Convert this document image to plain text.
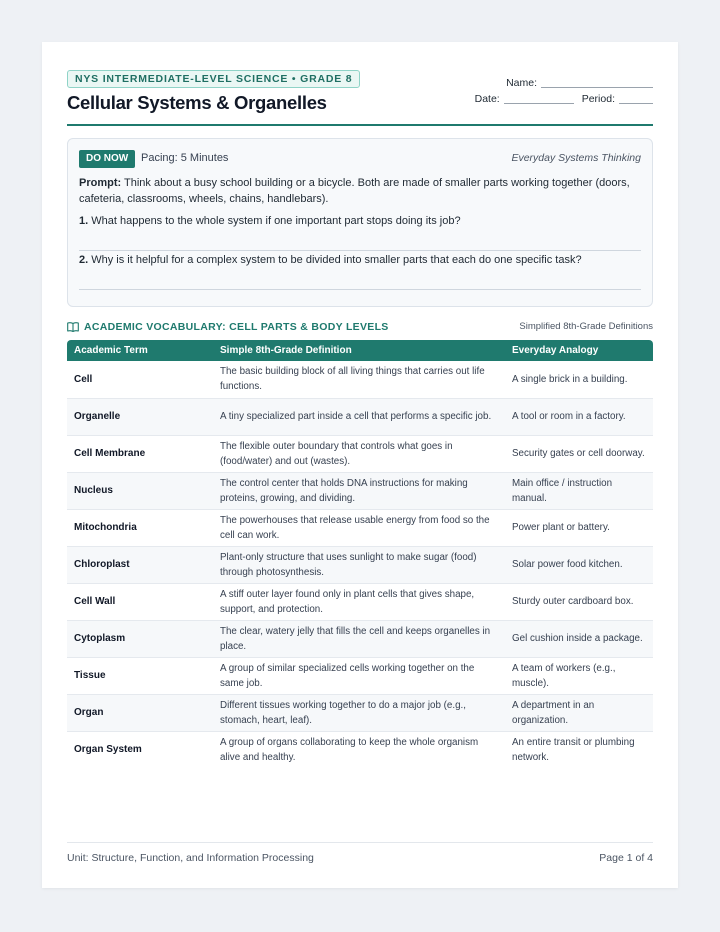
NYS INTERMEDIATE-LEVEL SCIENCE • GRADE 8
Cellular Systems & Organelles
Name:
Date:	Period:
DO NOW	Pacing: 5 Minutes	Everyday Systems Thinking
Prompt: Think about a busy school building or a bicycle. Both are made of smaller parts working together (doors, cafeteria, classrooms, wheels, chains, handlebars).
1. What happens to the whole system if one important part stops doing its job?
2. Why is it helpful for a complex system to be divided into smaller parts that each do one specific task?
ACADEMIC VOCABULARY: CELL PARTS & BODY LEVELS	Simplified 8th-Grade Definitions
Academic Term	Simple 8th-Grade Definition	Everyday Analogy
Cell	The basic building block of all living things that carries out life functions.	A single brick in a building.
Organelle	A tiny specialized part inside a cell that performs a specific job.	A tool or room in a factory.
Cell Membrane	The flexible outer boundary that controls what goes in (food/water) and out (wastes).	Security gates or cell doorway.
Nucleus	The control center that holds DNA instructions for making proteins, growing, and dividing.	Main office / instruction manual.
Mitochondria	The powerhouses that release usable energy from food so the cell can work.	Power plant or battery.
Chloroplast	Plant-only structure that uses sunlight to make sugar (food) through photosynthesis.	Solar power food kitchen.
Cell Wall	A stiff outer layer found only in plant cells that gives shape, support, and protection.	Sturdy outer cardboard box.
Cytoplasm	The clear, watery jelly that fills the cell and keeps organelles in place.	Gel cushion inside a package.
Tissue	A group of similar specialized cells working together on the same job.	A team of workers (e.g., muscle).
Organ	Different tissues working together to do a major job (e.g., stomach, heart, leaf).	A department in an organization.
Organ System	A group of organs collaborating to keep the whole organism alive and healthy.	An entire transit or plumbing network.
Unit: Structure, Function, and Information Processing	Page 1 of 4
